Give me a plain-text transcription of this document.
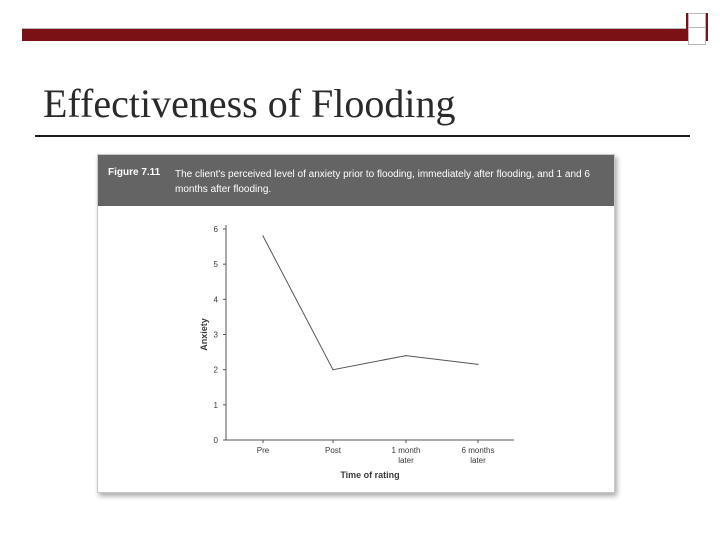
Effectiveness of Flooding
Figure 7.11 The client's perceived level of anxiety prior to flooding, immediately after flooding, and 1 and 6 months after flooding.
0
1
2
3
4
5
6
Pre	Post	1 month later
6 months later
Time of rating
Anxiety
